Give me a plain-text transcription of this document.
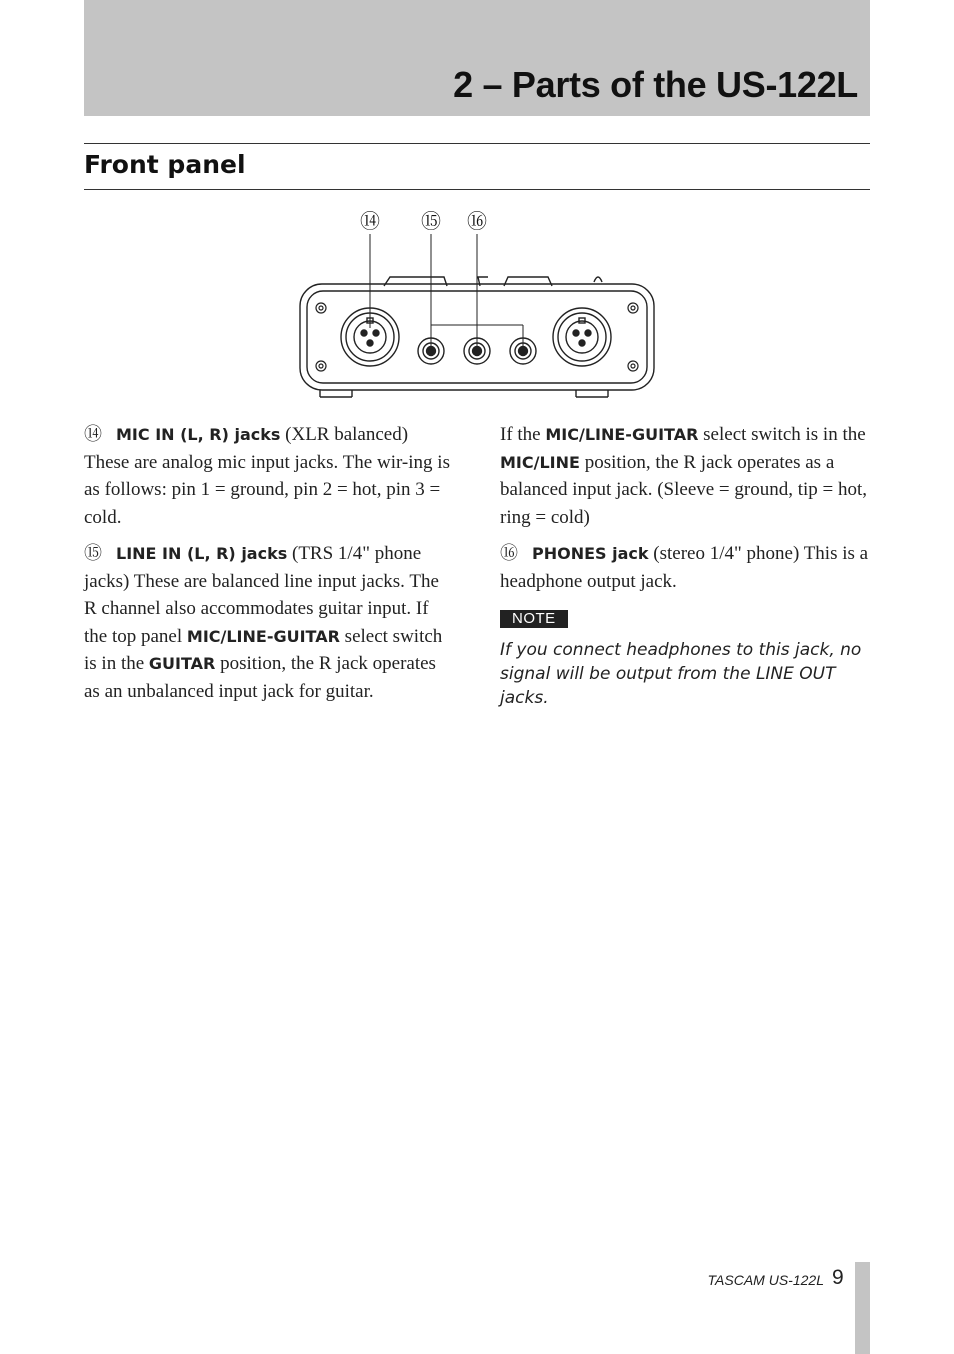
2 – Parts of the US-122L
Front panel
⑭ ⑮ ⑯

⑭ MIC IN (L, R) jacks (XLR balanced) These are analog mic input jacks. The wir-ing is as follows: pin 1 = ground, pin 2 = hot, pin 3 = cold.

⑮ LINE IN (L, R) jacks (TRS 1/4" phone jacks) These are balanced line input jacks. The R channel also accommodates guitar input. If the top panel MIC/LINE-GUITAR select switch is in the GUITAR position, the R jack operates as an unbalanced input jack for guitar.

If the MIC/LINE-GUITAR select switch is in the MIC/LINE position, the R jack operates as a balanced input jack. (Sleeve = ground, tip = hot, ring = cold)

⑯ PHONES jack (stereo 1/4" phone) This is a headphone output jack.

NOTE
If you connect headphones to this jack, no signal will be output from the LINE OUT jacks.
TASCAM US-122L 9
